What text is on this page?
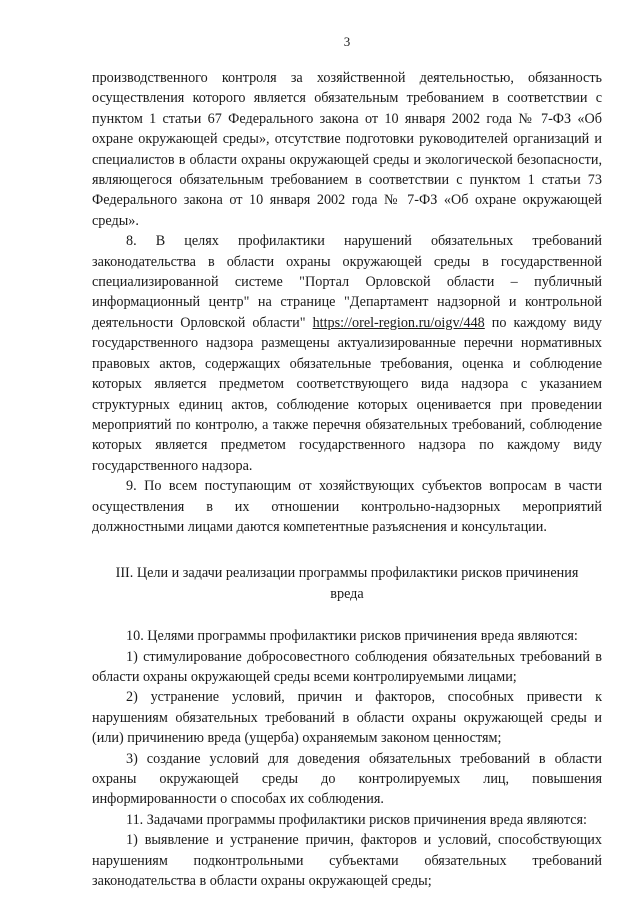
3

производственного контроля за хозяйственной деятельностью, обязанность осуществления которого является обязательным требованием в соответствии с пунктом 1 статьи 67 Федерального закона от 10 января 2002 года № 7-ФЗ «Об охране окружающей среды», отсутствие подготовки руководителей организаций и специалистов в области охраны окружающей среды и экологической безопасности, являющегося обязательным требованием в соответствии с пунктом 1 статьи 73 Федерального закона от 10 января 2002 года № 7-ФЗ «Об охране окружающей среды».

8. В целях профилактики нарушений обязательных требований законодательства в области охраны окружающей среды в государственной специализированной системе "Портал Орловской области – публичный информационный центр" на странице "Департамент надзорной и контрольной деятельности Орловской области" https://orel-region.ru/oigv/448 по каждому виду государственного надзора размещены актуализированные перечни нормативных правовых актов, содержащих обязательные требования, оценка и соблюдение которых является предметом соответствующего вида надзора с указанием структурных единиц актов, соблюдение которых оценивается при проведении мероприятий по контролю, а также перечня обязательных требований, соблюдение которых является предметом государственного надзора по каждому виду государственного надзора.

9. По всем поступающим от хозяйствующих субъектов вопросам в части осуществления в их отношении контрольно-надзорных мероприятий должностными лицами даются компетентные разъяснения и консультации.

III. Цели и задачи реализации программы профилактики рисков причинения вреда

10. Целями программы профилактики рисков причинения вреда являются:

1) стимулирование добросовестного соблюдения обязательных требований в области охраны окружающей среды всеми контролируемыми лицами;

2) устранение условий, причин и факторов, способных привести к нарушениям обязательных требований в области охраны окружающей среды и (или) причинению вреда (ущерба) охраняемым законом ценностям;

3) создание условий для доведения обязательных требований в области охраны окружающей среды до контролируемых лиц, повышения информированности о способах их соблюдения.

11. Задачами программы профилактики рисков причинения вреда являются:

1) выявление и устранение причин, факторов и условий, способствующих нарушениям подконтрольными субъектами обязательных требований законодательства в области охраны окружающей среды;
